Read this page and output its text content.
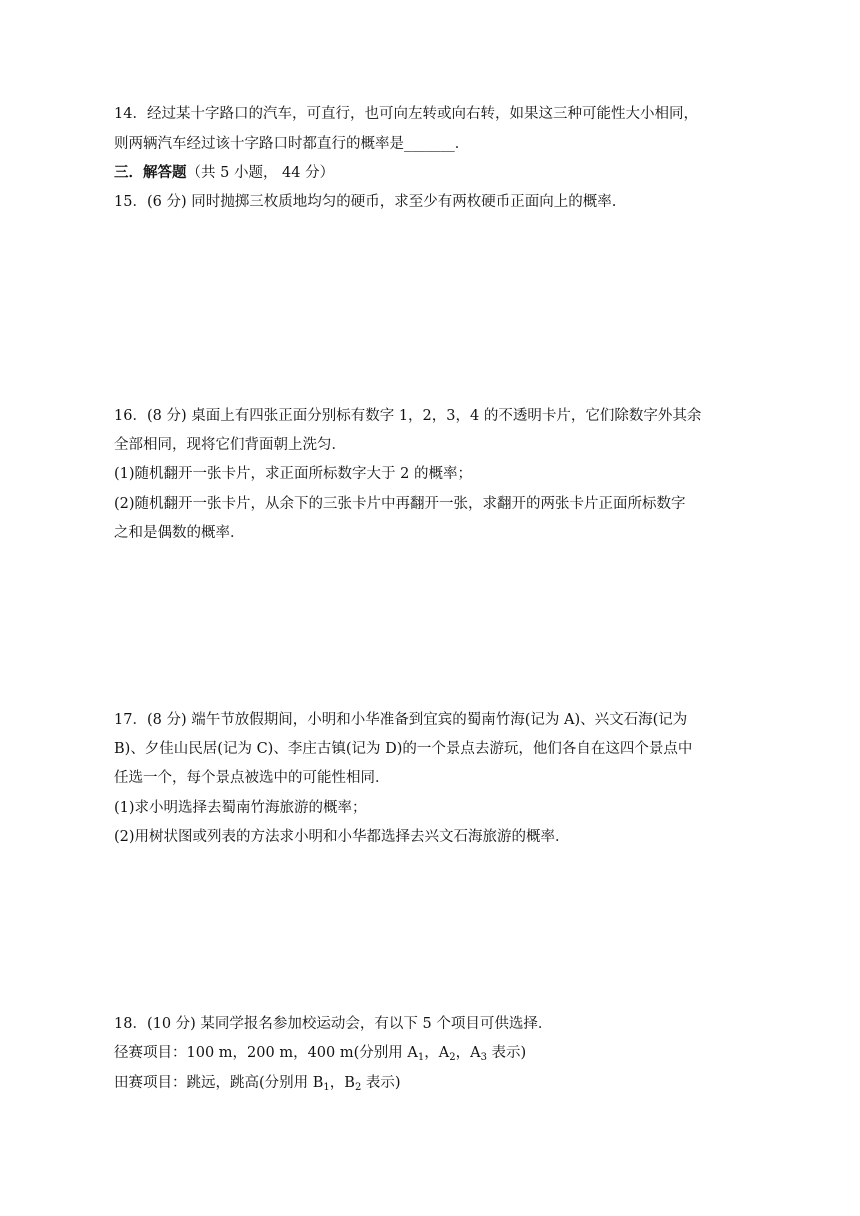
14．经过某十字路口的汽车，可直行，也可向左转或向右转，如果这三种可能性大小相同，
则两辆汽车经过该十字路口时都直行的概率是_______．
三．解答题（共 5 小题， 44 分）
15．(6 分) 同时抛掷三枚质地均匀的硬币，求至少有两枚硬币正面向上的概率.
16．(8 分) 桌面上有四张正面分别标有数字 1，2，3，4 的不透明卡片，它们除数字外其余
全部相同，现将它们背面朝上洗匀．
(1)随机翻开一张卡片，求正面所标数字大于 2 的概率；
(2)随机翻开一张卡片，从余下的三张卡片中再翻开一张，求翻开的两张卡片正面所标数字
之和是偶数的概率．
17．(8 分) 端午节放假期间，小明和小华准备到宜宾的蜀南竹海(记为 A)、兴文石海(记为
B)、夕佳山民居(记为 C)、李庄古镇(记为 D)的一个景点去游玩，他们各自在这四个景点中
任选一个，每个景点被选中的可能性相同．
(1)求小明选择去蜀南竹海旅游的概率；
(2)用树状图或列表的方法求小明和小华都选择去兴文石海旅游的概率．
18．(10 分) 某同学报名参加校运动会，有以下 5 个项目可供选择．
径赛项目：100 m，200 m，400 m(分别用 $A_1$，$A_2$，$A_3$ 表示)
田赛项目：跳远，跳高(分别用 $B_1$，$B_2$ 表示)
